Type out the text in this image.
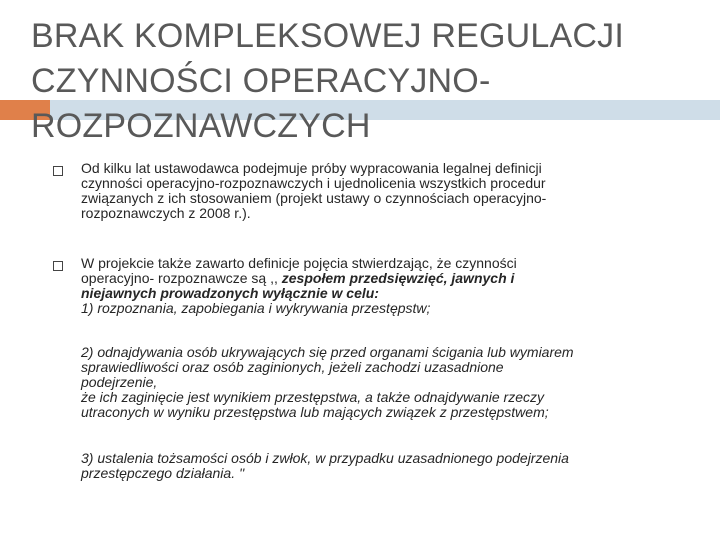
BRAK KOMPLEKSOWEJ REGULACJI
CZYNNOŚCI OPERACYJNO-
ROZPOZNAWCZYCH
Od kilku lat ustawodawca podejmuje próby wypracowania legalnej definicji
czynności operacyjno-rozpoznawczych i ujednolicenia wszystkich procedur
związanych z ich stosowaniem (projekt ustawy o czynnościach operacyjno-
rozpoznawczych z 2008 r.).
W projekcie także zawarto definicje pojęcia stwierdzając, że czynności
operacyjno- rozpoznawcze są ,, zespołem przedsięwzięć, jawnych i
niejawnych prowadzonych wyłącznie w celu:
1) rozpoznania, zapobiegania i wykrywania przestępstw;
2) odnajdywania osób ukrywających się przed organami ścigania lub wymiarem
sprawiedliwości oraz osób zaginionych, jeżeli zachodzi uzasadnione
podejrzenie,
że ich zaginięcie jest wynikiem przestępstwa, a także odnajdywanie rzeczy
utraconych w wyniku przestępstwa lub mających związek z przestępstwem;
3) ustalenia tożsamości osób i zwłok, w przypadku uzasadnionego podejrzenia
przestępczego działania. ''
